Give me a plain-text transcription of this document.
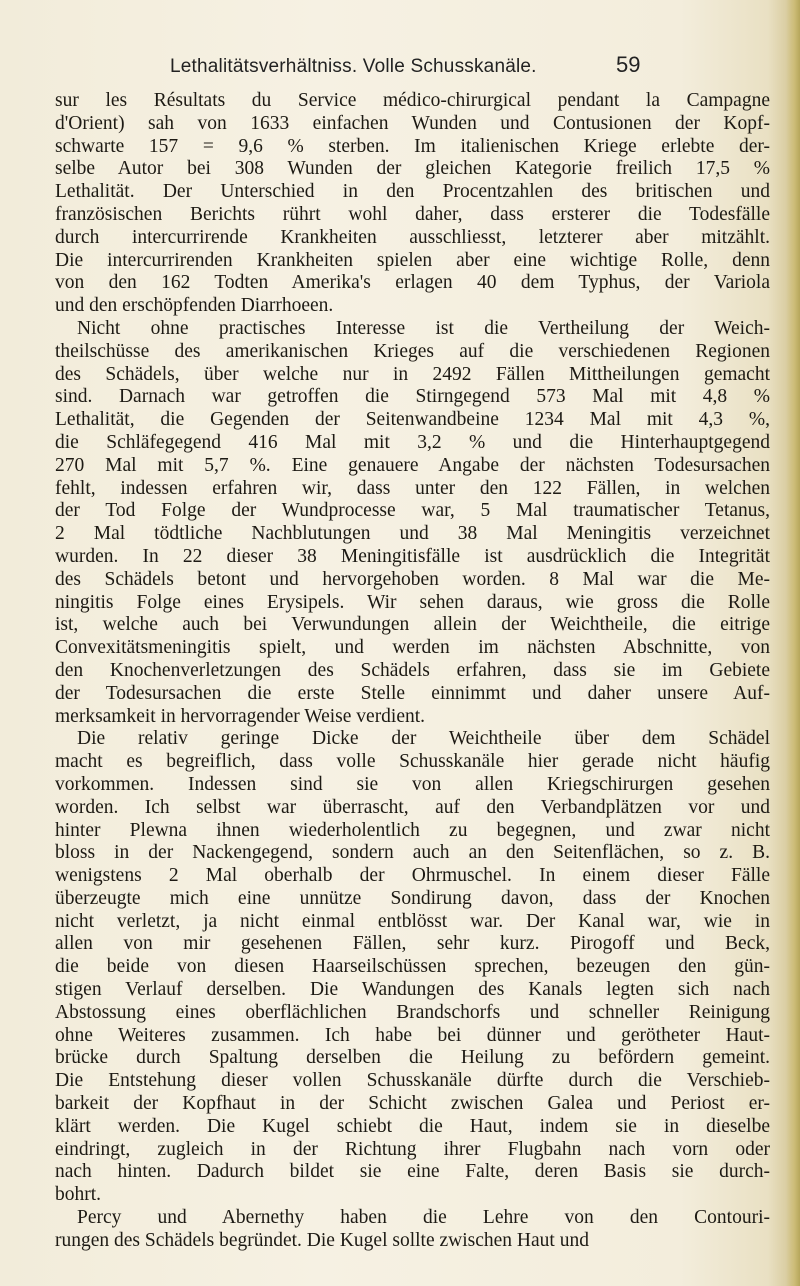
Lethalitätsverhältniss. Volle Schusskanäle.	59
sur les Résultats du Service médico-chirurgical pendant la Campagne
d'Orient) sah von 1633 einfachen Wunden und Contusionen der Kopf-
schwarte 157 = 9,6 % sterben. Im italienischen Kriege erlebte der-
selbe Autor bei 308 Wunden der gleichen Kategorie freilich 17,5 %
Lethalität. Der Unterschied in den Procentzahlen des britischen und
französischen Berichts rührt wohl daher, dass ersterer die Todesfälle
durch intercurrirende Krankheiten ausschliesst, letzterer aber mitzählt.
Die intercurrirenden Krankheiten spielen aber eine wichtige Rolle, denn
von den 162 Todten Amerika's erlagen 40 dem Typhus, der Variola
und den erschöpfenden Diarrhoeen.
Nicht ohne practisches Interesse ist die Vertheilung der Weich-
theilschüsse des amerikanischen Krieges auf die verschiedenen Regionen
des Schädels, über welche nur in 2492 Fällen Mittheilungen gemacht
sind. Darnach war getroffen die Stirngegend 573 Mal mit 4,8 %
Lethalität, die Gegenden der Seitenwandbeine 1234 Mal mit 4,3 %,
die Schläfegegend 416 Mal mit 3,2 % und die Hinterhauptgegend
270 Mal mit 5,7 %. Eine genauere Angabe der nächsten Todesursachen
fehlt, indessen erfahren wir, dass unter den 122 Fällen, in welchen
der Tod Folge der Wundprocesse war, 5 Mal traumatischer Tetanus,
2 Mal tödtliche Nachblutungen und 38 Mal Meningitis verzeichnet
wurden. In 22 dieser 38 Meningitisfälle ist ausdrücklich die Integrität
des Schädels betont und hervorgehoben worden. 8 Mal war die Me-
ningitis Folge eines Erysipels. Wir sehen daraus, wie gross die Rolle
ist, welche auch bei Verwundungen allein der Weichtheile, die eitrige
Convexitätsmeningitis spielt, und werden im nächsten Abschnitte, von
den Knochenverletzungen des Schädels erfahren, dass sie im Gebiete
der Todesursachen die erste Stelle einnimmt und daher unsere Auf-
merksamkeit in hervorragender Weise verdient.
Die relativ geringe Dicke der Weichtheile über dem Schädel
macht es begreiflich, dass volle Schusskanäle hier gerade nicht häufig
vorkommen. Indessen sind sie von allen Kriegschirurgen gesehen
worden. Ich selbst war überrascht, auf den Verbandplätzen vor und
hinter Plewna ihnen wiederholentlich zu begegnen, und zwar nicht
bloss in der Nackengegend, sondern auch an den Seitenflächen, so z. B.
wenigstens 2 Mal oberhalb der Ohrmuschel. In einem dieser Fälle
überzeugte mich eine unnütze Sondirung davon, dass der Knochen
nicht verletzt, ja nicht einmal entblösst war. Der Kanal war, wie in
allen von mir gesehenen Fällen, sehr kurz. Pirogoff und Beck,
die beide von diesen Haarseilschüssen sprechen, bezeugen den gün-
stigen Verlauf derselben. Die Wandungen des Kanals legten sich nach
Abstossung eines oberflächlichen Brandschorfs und schneller Reinigung
ohne Weiteres zusammen. Ich habe bei dünner und gerötheter Haut-
brücke durch Spaltung derselben die Heilung zu befördern gemeint.
Die Entstehung dieser vollen Schusskanäle dürfte durch die Verschieb-
barkeit der Kopfhaut in der Schicht zwischen Galea und Periost er-
klärt werden. Die Kugel schiebt die Haut, indem sie in dieselbe
eindringt, zugleich in der Richtung ihrer Flugbahn nach vorn oder
nach hinten. Dadurch bildet sie eine Falte, deren Basis sie durch-
bohrt.
Percy und Abernethy haben die Lehre von den Contouri-
rungen des Schädels begründet. Die Kugel sollte zwischen Haut und
